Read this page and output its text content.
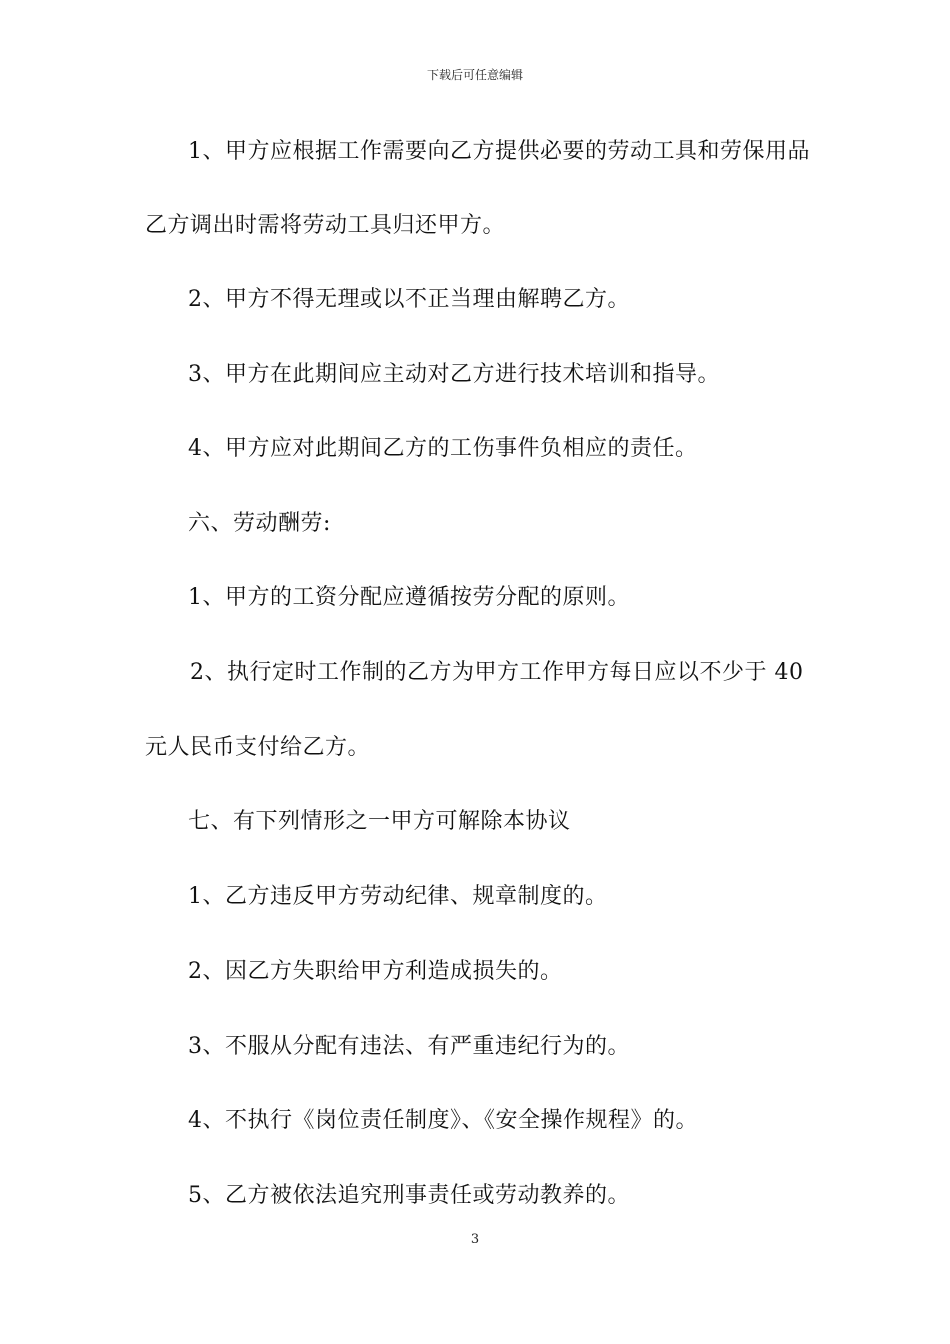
下载后可任意编辑
1、甲方应根据工作需要向乙方提供必要的劳动工具和劳保用品
乙方调出时需将劳动工具归还甲方。
2、甲方不得无理或以不正当理由解聘乙方。
3、甲方在此期间应主动对乙方进行技术培训和指导。
4、甲方应对此期间乙方的工伤事件负相应的责任。
六、劳动酬劳:
1、甲方的工资分配应遵循按劳分配的原则。
2、执行定时工作制的乙方为甲方工作甲方每日应以不少于 40
元人民币支付给乙方。
七、有下列情形之一甲方可解除本协议
1、乙方违反甲方劳动纪律、规章制度的。
2、因乙方失职给甲方利造成损失的。
3、不服从分配有违法、有严重违纪行为的。
4、不执行《岗位责任制度》、《安全操作规程》的。
5、乙方被依法追究刑事责任或劳动教养的。
3
